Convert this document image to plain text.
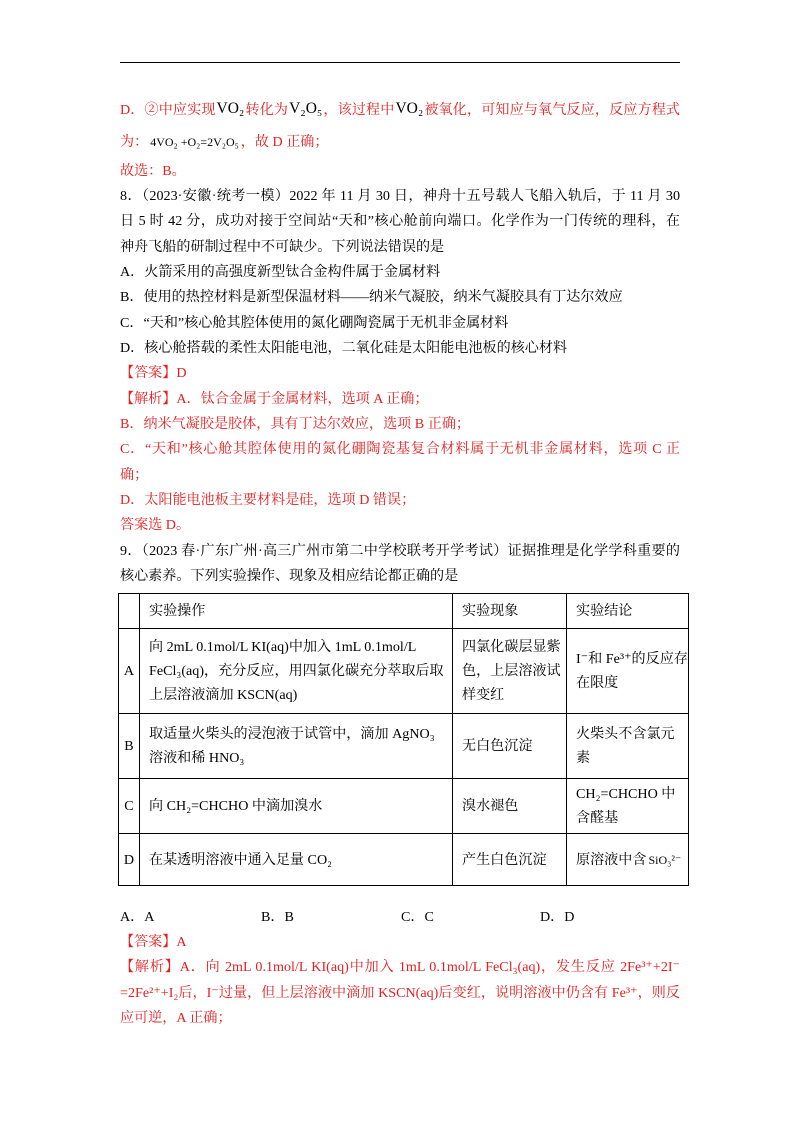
D．②中应实现VO₂转化为V₂O₅，该过程中VO₂被氧化，可知应与氧气反应，反应方程式
为： 4VO₂ +O₂=2V₂O₅ ，故 D 正确；
故选：B。
8．（2023·安徽·统考一模）2022 年 11 月 30 日，神舟十五号载人飞船入轨后，于 11 月 30
日 5 时 42 分，成功对接于空间站“天和”核心舱前向端口。化学作为一门传统的理科，在
神舟飞船的研制过程中不可缺少。下列说法错误的是
A．火箭采用的高强度新型钛合金构件属于金属材料
B．使用的热控材料是新型保温材料——纳米气凝胶，纳米气凝胶具有丁达尔效应
C．“天和”核心舱其腔体使用的氮化硼陶瓷属于无机非金属材料
D．核心舱搭载的柔性太阳能电池，二氧化硅是太阳能电池板的核心材料
【答案】D
【解析】A．钛合金属于金属材料，选项 A 正确；
B．纳米气凝胶是胶体，具有丁达尔效应，选项 B 正确；
C．“天和”核心舱其腔体使用的氮化硼陶瓷基复合材料属于无机非金属材料，选项 C 正
确；
D．太阳能电池板主要材料是硅，选项 D 错误；
答案选 D。
9．（2023 春·广东广州·高三广州市第二中学校联考开学考试）证据推理是化学学科重要的
核心素养。下列实验操作、现象及相应结论都正确的是
	实验操作	实验现象	实验结论
A	向 2mL 0.1mol/L KI(aq)中加入 1mL 0.1mol/L
FeCl₃(aq)，充分反应，用四氯化碳充分萃取后取
上层溶液滴加 KSCN(aq)	四氯化碳层显紫
色，上层溶液试
样变红	I⁻和 Fe³⁺的反应存
在限度

B	取适量火柴头的浸泡液于试管中，滴加 AgNO₃
溶液和稀 HNO₃	无白色沉淀	火柴头不含氯元
素

C	向 CH₂=CHCHO 中滴加溴水	溴水褪色	CH₂=CHCHO 中
含醛基

D	在某透明溶液中通入足量 CO₂	产生白色沉淀	原溶液中含 SiO₃²⁻
A．A	B．B	C．C	D．D
【答案】A
【解析】A．向 2mL 0.1mol/L KI(aq)中加入 1mL 0.1mol/L FeCl₃(aq)，发生反应 2Fe³⁺+2I⁻
=2Fe²⁺+I₂后，I⁻过量，但上层溶液中滴加 KSCN(aq)后变红，说明溶液中仍含有 Fe³⁺，则反
应可逆，A 正确；
